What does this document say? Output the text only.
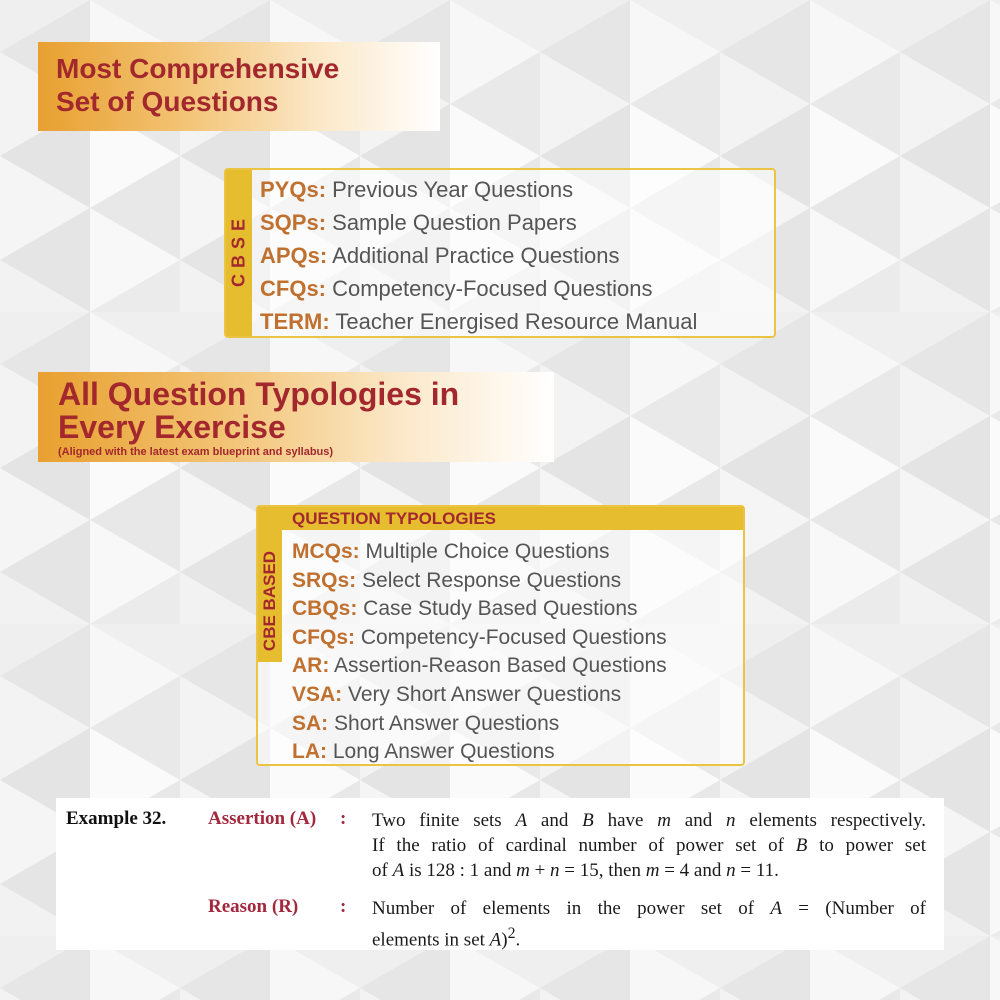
Most Comprehensive
Set of Questions
CBSE
PYQs: Previous Year Questions
SQPs: Sample Question Papers
APQs: Additional Practice Questions
CFQs: Competency-Focused Questions
TERM: Teacher Energised Resource Manual
All Question Typologies in
Every Exercise
(Aligned with the latest exam blueprint and syllabus)
QUESTION TYPOLOGIES
CBE BASED MCQs: Multiple Choice Questions
SRQs: Select Response Questions
CBQs: Case Study Based Questions
CFQs: Competency-Focused Questions
AR: Assertion-Reason Based Questions
VSA: Very Short Answer Questions
SA: Short Answer Questions
LA: Long Answer Questions
Example 32. Assertion (A) : Two finite sets A and B have m and n elements respectively.
If the ratio of cardinal number of power set of B to power set
of A is 128 : 1 and m + n = 15, then m = 4 and n = 11.
Reason (R) : Number of elements in the power set of A = (Number of
elements in set A)$^2$.
